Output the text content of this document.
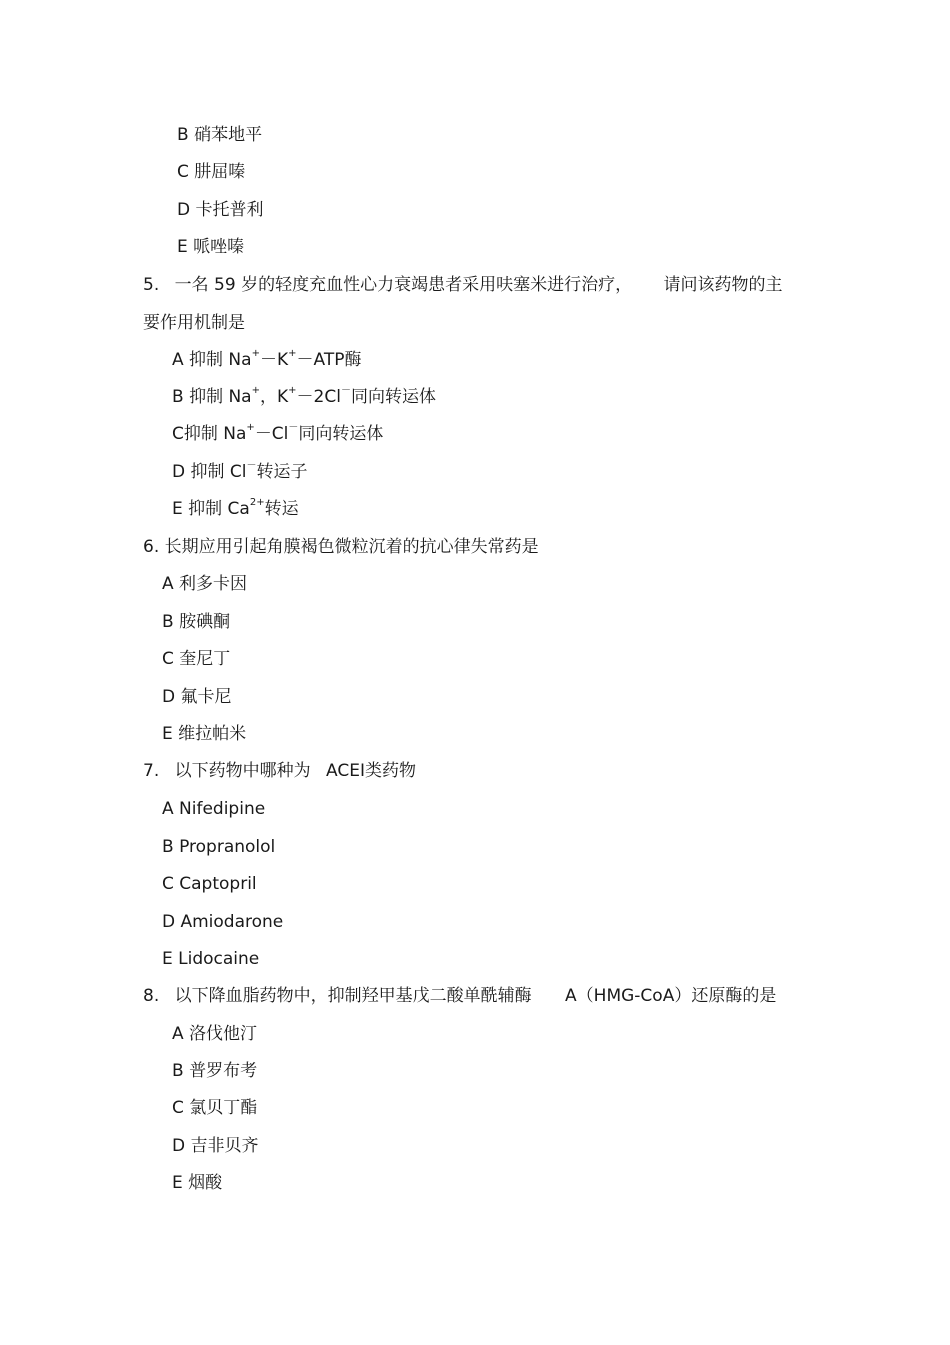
B 硝苯地平
C 肼屈嗪
D 卡托普利
E 哌唑嗪
5. 一名 59 岁的轻度充血性心力衰竭患者采用呋塞米进行治疗， 请问该药物的主
要作用机制是
A 抑制 Na+－K+－ATP酶
B 抑制 Na+，K+－2Cl－同向转运体
C抑制 Na+－Cl－同向转运体
D 抑制 Cl－转运子
E 抑制 $Ca^{2+}$转运
6. 长期应用引起角膜褐色微粒沉着的抗心律失常药是
A 利多卡因
B 胺碘酮
C 奎尼丁
D 氟卡尼
E 维拉帕米
7. 以下药物中哪种为 ACEI类药物
A Nifedipine
B Propranolol
C Captopril
D Amiodarone
E Lidocaine
8. 以下降血脂药物中，抑制羟甲基戊二酸单酰辅酶 A（HMG-CoA）还原酶的是
A 洛伐他汀
B 普罗布考
C 氯贝丁酯
D 吉非贝齐
E 烟酸
